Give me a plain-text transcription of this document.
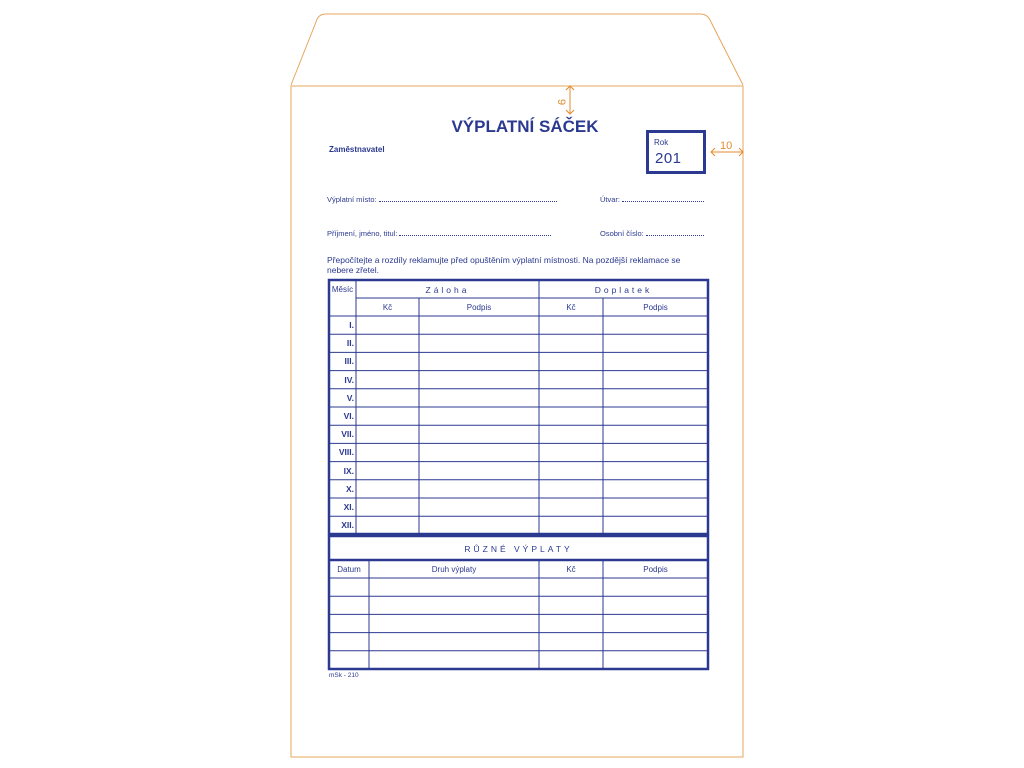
9
10
VÝPLATNÍ SÁČEK
Zaměstnavatel
Rok
201
Výplatní místo:	Útvar:
Příjmení, jméno, titul:	Osobní číslo:
Přepočítejte a rozdíly reklamujte před opuštěním výplatní místnosti. Na pozdější reklamace se nebere zřetel.
Měsíc	Záloha	Doplatek
Kč	Podpis	Kč	Podpis
I.
II.
III.
IV.
V.
VI.
VII.
VIII.
IX.
X.
XI.
XII.
RŮZNÉ VÝPLATY
Datum	Druh výplaty	Kč	Podpis
mSk - 210
